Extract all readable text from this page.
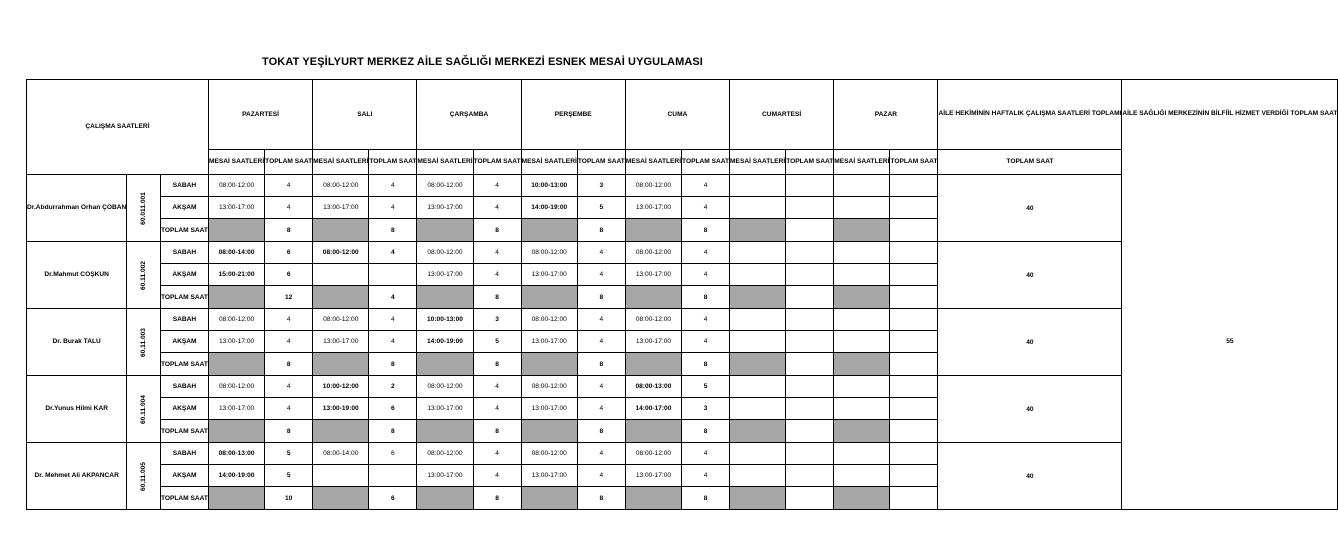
TOKAT YEŞİLYURT MERKEZ AİLE SAĞLIĞI MERKEZİ ESNEK MESAİ UYGULAMASI
ÇALIŞMA SAATLERİ			PAZARTESİ		SALI		ÇARŞAMBA		PERŞEMBE		CUMA		CUMARTESİ		PAZAR		AİLE HEKİMİNİN HAFTALIK ÇALIŞMA SAATLERİ TOPLAMI	AİLE SAĞLIĞI MERKEZİNİN BİLFİİL HİZMET VERDİĞİ TOPLAM SAAT
			MESAİ SAATLERİ	TOPLAM SAAT	MESAİ SAATLERİ	TOPLAM SAAT	MESAİ SAATLERİ	TOPLAM SAAT	MESAİ SAATLERİ	TOPLAM SAAT	MESAİ SAATLERİ	TOPLAM SAAT	MESAİ SAATLERİ	TOPLAM SAAT	MESAİ SAATLERİ	TOPLAM SAAT	TOPLAM SAAT	
Dr.Abdurrahman Orhan ÇOBAN	60.011.001	SABAH	08:00-12:00	4	08:00-12:00	4	08:00-12:00	4	10:00-13:00	3	08:00-12:00	4					40	55
		AKŞAM	13:00-17:00	4	13:00-17:00	4	13:00-17:00	4	14:00-19:00	5	13:00-17:00	4						
		TOPLAM SAAT		8		8		8		8		8						
Dr.Mahmut COŞKUN	60.11.002	SABAH	08:00-14:00	6	08:00-12:00	4	08:00-12:00	4	08:00-12:00	4	08:00-12:00	4					40	
		AKŞAM	15:00-21:00	6			13:00-17:00	4	13:00-17:00	4	13:00-17:00	4						
		TOPLAM SAAT		12		4		8		8		8						
Dr. Burak TALU	60.11.003	SABAH	08:00-12:00	4	08:00-12:00	4	10:00-13:00	3	08:00-12:00	4	08:00-12:00	4					40	
		AKŞAM	13:00-17:00	4	13:00-17:00	4	14:00-19:00	5	13:00-17:00	4	13:00-17:00	4						
		TOPLAM SAAT		8		8		8		8		8						
Dr.Yunus Hilmi KAR	60.11.004	SABAH	08:00-12:00	4	10:00-12:00	2	08:00-12:00	4	08:00-12:00	4	08:00-13:00	5					40	
		AKŞAM	13:00-17:00	4	13:00-19:00	6	13:00-17:00	4	13:00-17:00	4	14:00-17:00	3						
		TOPLAM SAAT		8		8		8		8		8						
Dr. Mehmet Ali AKPANCAR	60.11.005	SABAH	08:00-13:00	5	08:00-14:00	6	08:00-12:00	4	08:00-12:00	4	08:00-12:00	4					40	
		AKŞAM	14:00-19:00	5			13:00-17:00	4	13:00-17:00	4	13:00-17:00	4						
		TOPLAM SAAT		10		6		8		8		8						
